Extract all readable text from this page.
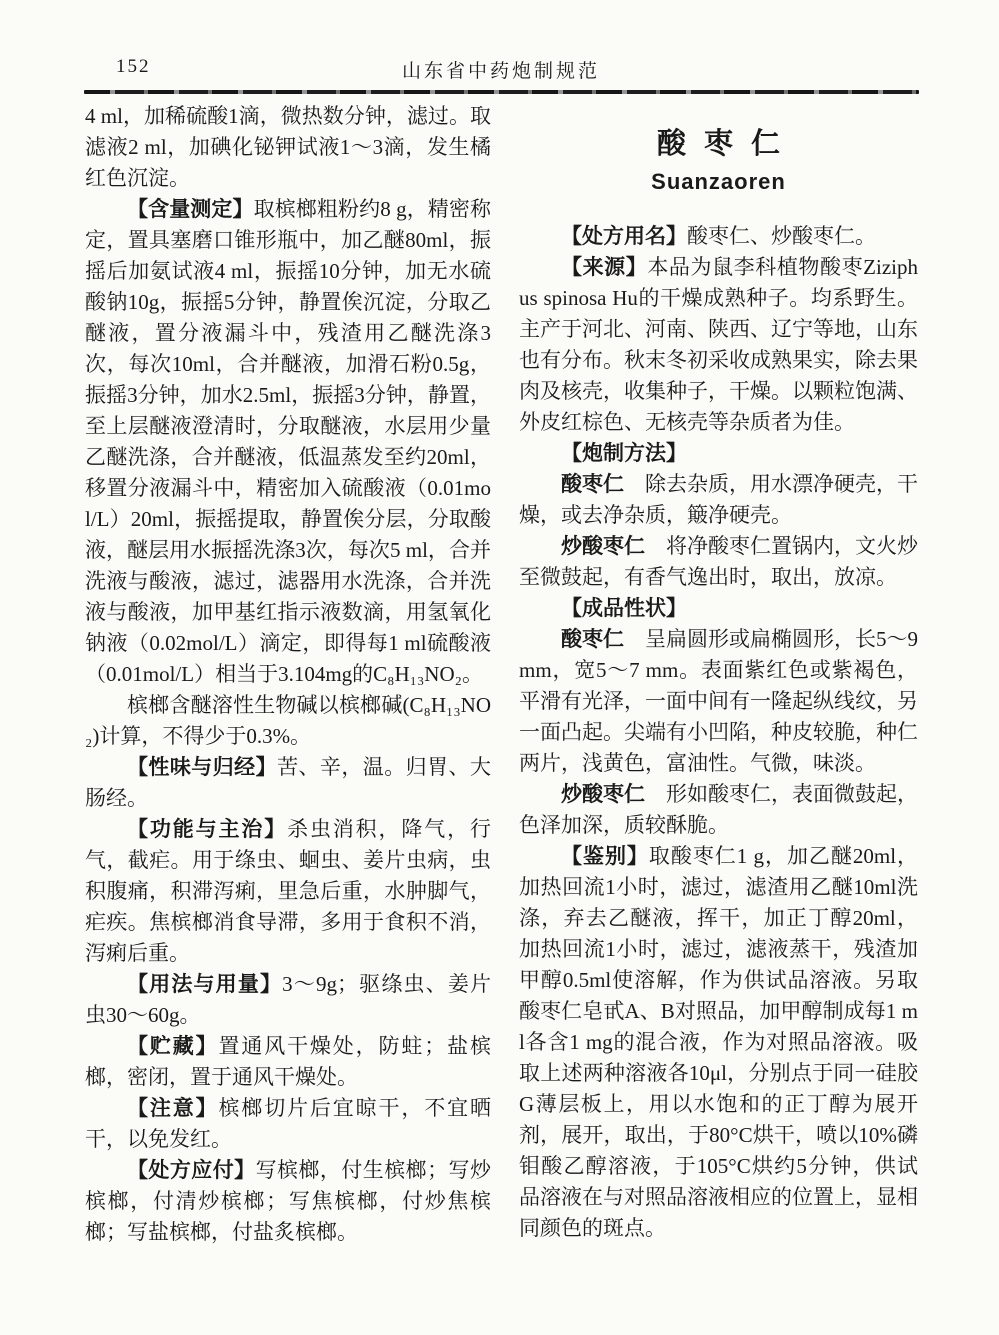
152	山东省中药炮制规范

4 ml，加稀硫酸1滴，微热数分钟，滤过。取滤液2 ml，加碘化铋钾试液1～3滴，发生橘红色沉淀。

【含量测定】取槟榔粗粉约8 g，精密称定，置具塞磨口锥形瓶中，加乙醚80ml，振摇后加氨试液4 ml，振摇10分钟，加无水硫酸钠10g，振摇5分钟，静置俟沉淀，分取乙醚液，置分液漏斗中，残渣用乙醚洗涤3次，每次10ml，合并醚液，加滑石粉0.5g，振摇3分钟，加水2.5ml，振摇3分钟，静置，至上层醚液澄清时，分取醚液，水层用少量乙醚洗涤，合并醚液，低温蒸发至约20ml，移置分液漏斗中，精密加入硫酸液（0.01mol/L）20ml，振摇提取，静置俟分层，分取酸液，醚层用水振摇洗涤3次，每次5 ml，合并洗液与酸液，滤过，滤器用水洗涤，合并洗液与酸液，加甲基红指示液数滴，用氢氧化钠液（0.02mol/L）滴定，即得每1 ml硫酸液（0.01mol/L）相当于3.104mg的C₈H₁₃NO₂。

槟榔含醚溶性生物碱以槟榔碱(C₈H₁₃NO₂)计算，不得少于0.3%。

【性味与归经】苦、辛，温。归胃、大肠经。

【功能与主治】杀虫消积，降气，行气，截疟。用于绦虫、蛔虫、姜片虫病，虫积腹痛，积滞泻痢，里急后重，水肿脚气，疟疾。焦槟榔消食导滞，多用于食积不消，泻痢后重。

【用法与用量】3～9g；驱绦虫、姜片虫30～60g。

【贮藏】置通风干燥处，防蛀；盐槟榔，密闭，置于通风干燥处。

【注意】槟榔切片后宜晾干，不宜晒干，以免发红。

【处方应付】写槟榔，付生槟榔；写炒槟榔，付清炒槟榔；写焦槟榔，付炒焦槟榔；写盐槟榔，付盐炙槟榔。

酸枣仁
Suanzaoren

【处方用名】酸枣仁、炒酸枣仁。

【来源】本品为鼠李科植物酸枣Ziziphus spinosa Hu的干燥成熟种子。均系野生。主产于河北、河南、陕西、辽宁等地，山东也有分布。秋末冬初采收成熟果实，除去果肉及核壳，收集种子，干燥。以颗粒饱满、外皮红棕色、无核壳等杂质者为佳。

【炮制方法】

酸枣仁　除去杂质，用水漂净硬壳，干燥，或去净杂质，簸净硬壳。

炒酸枣仁　将净酸枣仁置锅内，文火炒至微鼓起，有香气逸出时，取出，放凉。

【成品性状】

酸枣仁　呈扁圆形或扁椭圆形，长5～9 mm，宽5～7 mm。表面紫红色或紫褐色，平滑有光泽，一面中间有一隆起纵线纹，另一面凸起。尖端有小凹陷，种皮较脆，种仁两片，浅黄色，富油性。气微，味淡。

炒酸枣仁　形如酸枣仁，表面微鼓起，色泽加深，质较酥脆。

【鉴别】取酸枣仁1 g，加乙醚20ml，加热回流1小时，滤过，滤渣用乙醚10ml洗涤，弃去乙醚液，挥干，加正丁醇20ml，加热回流1小时，滤过，滤液蒸干，残渣加甲醇0.5ml使溶解，作为供试品溶液。另取酸枣仁皂甙A、B对照品，加甲醇制成每1 ml各含1 mg的混合液，作为对照品溶液。吸取上述两种溶液各10μl，分别点于同一硅胶G薄层板上，用以水饱和的正丁醇为展开剂，展开，取出，于80°C烘干，喷以10%磷钼酸乙醇溶液，于105°C烘约5分钟，供试品溶液在与对照品溶液相应的位置上，显相同颜色的斑点。
